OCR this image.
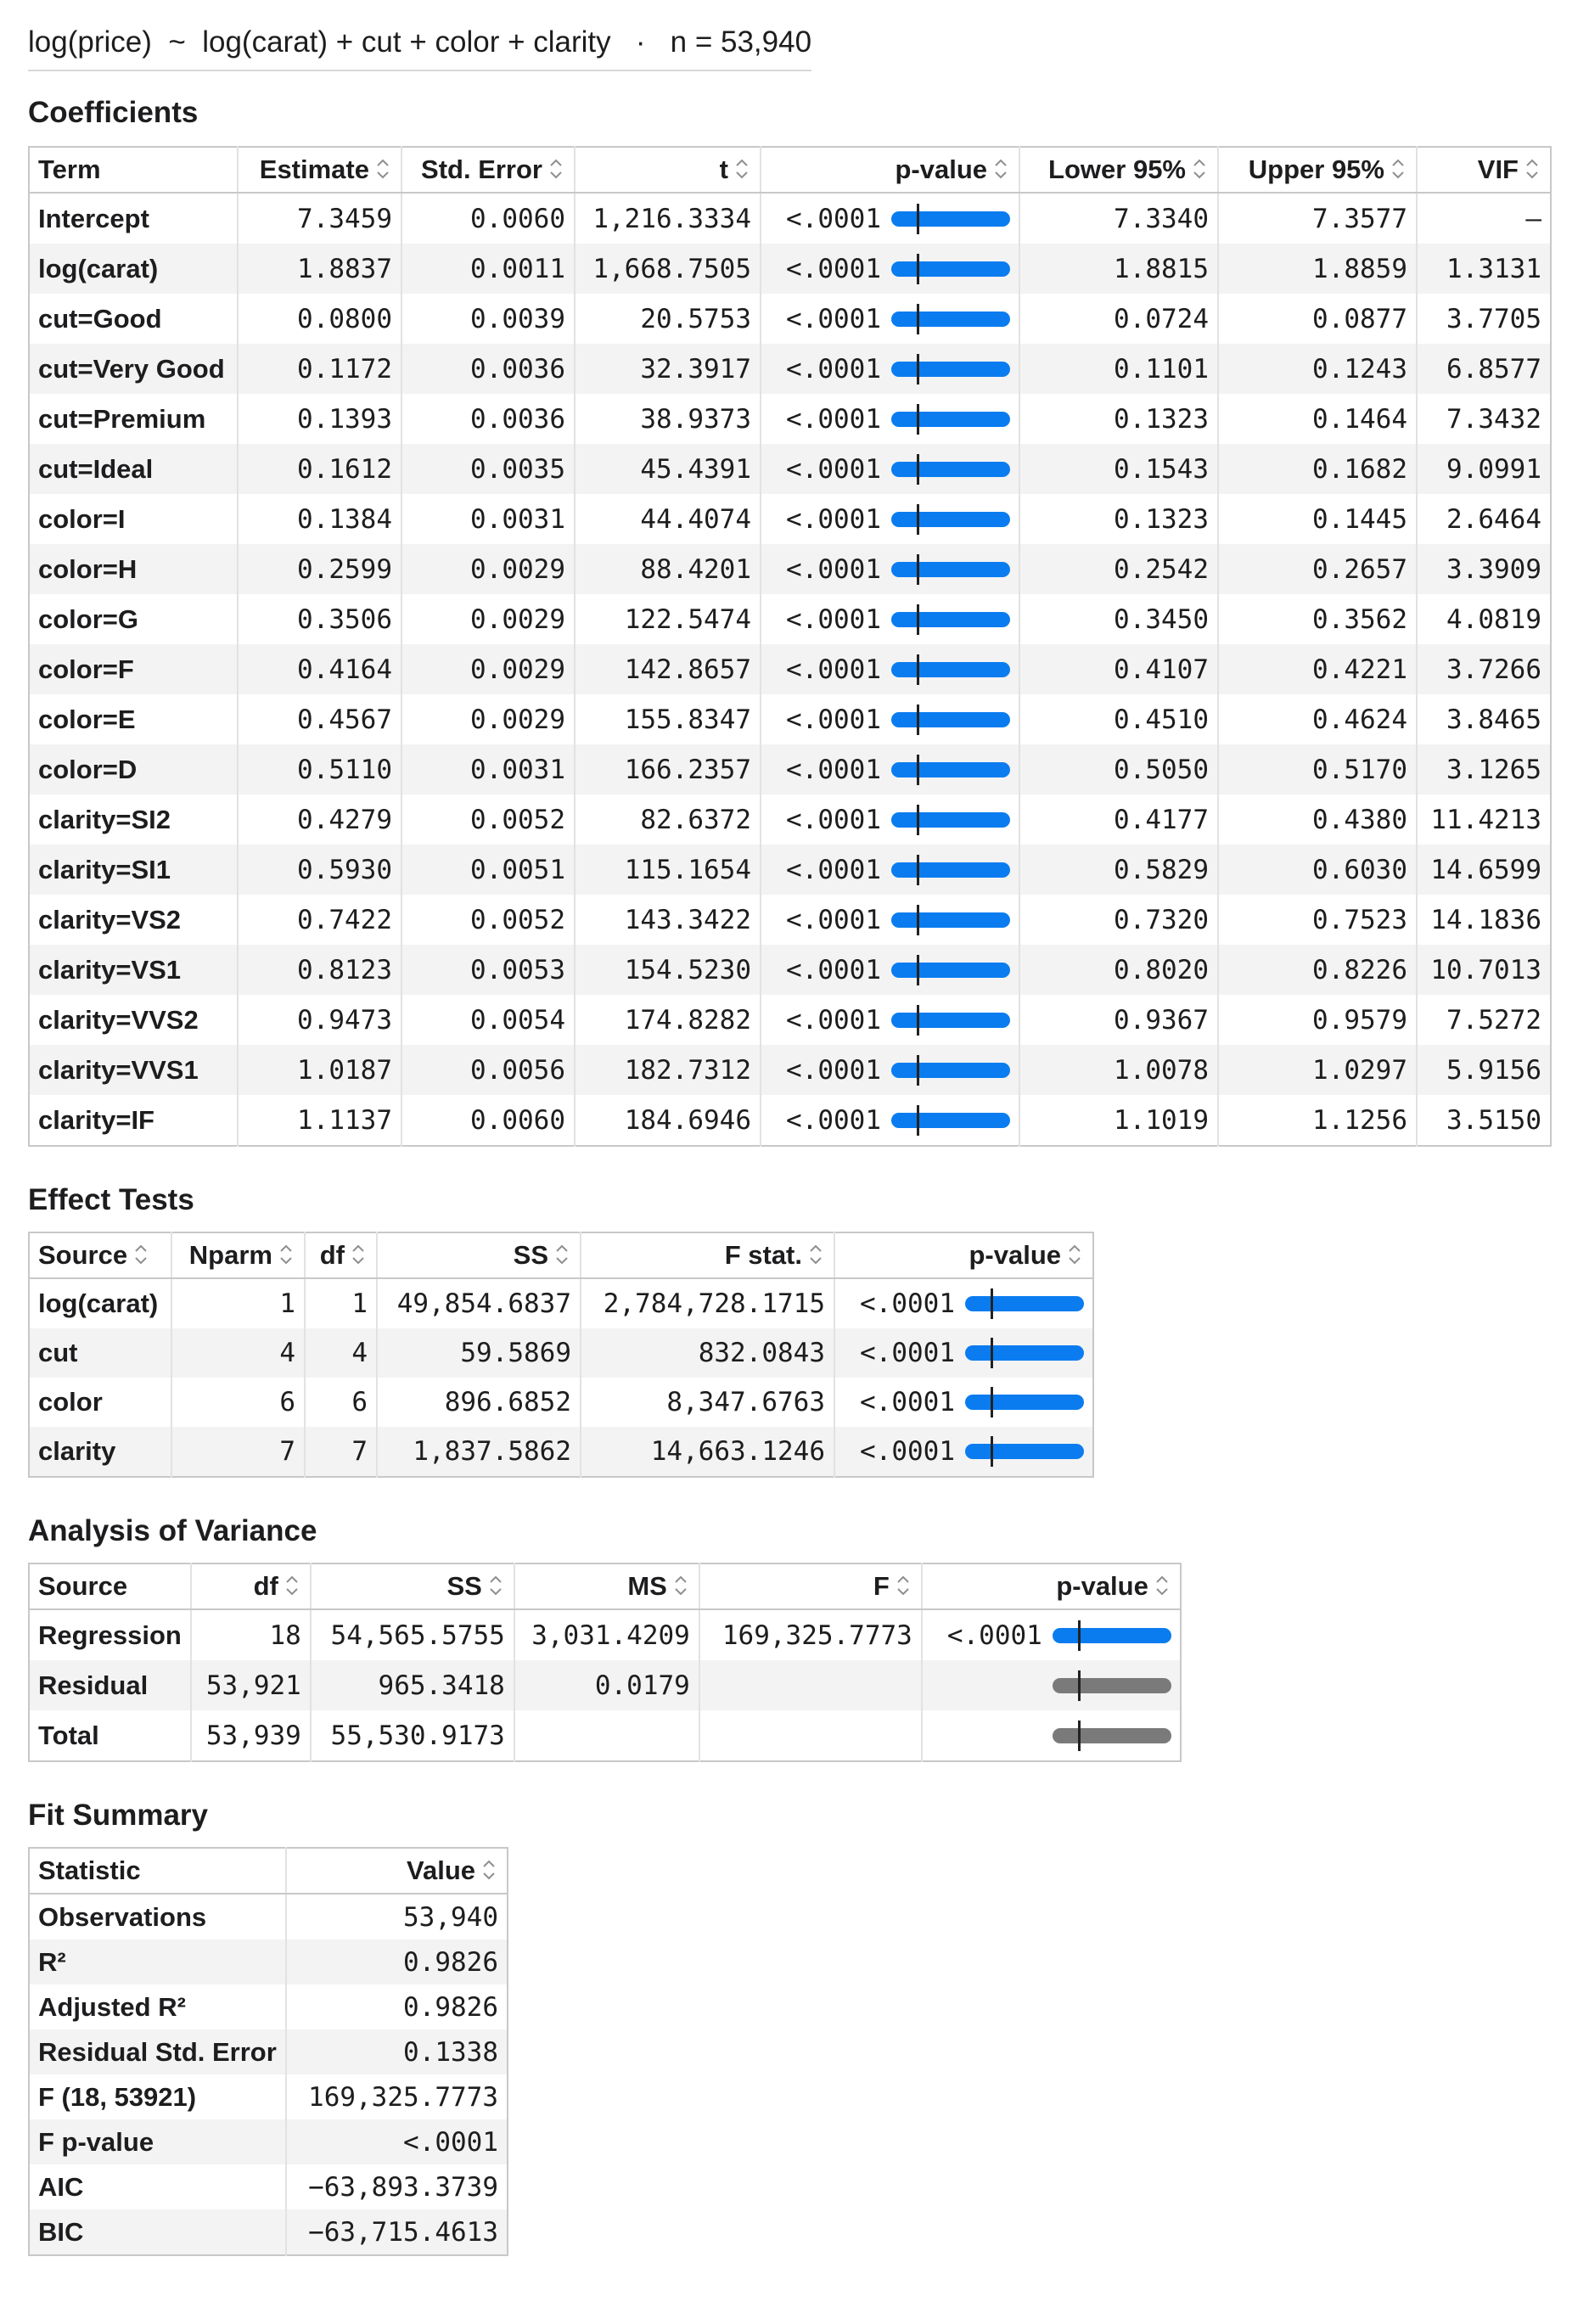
log(price)  ~  log(carat) + cut + color + clarity   ·   n = 53,940
Coefficients
Term	Estimate	Std. Error	t	p-value	Lower 95%	Upper 95%	VIF
Intercept	7.3459	0.0060	1,216.3334	<.0001	7.3340	7.3577	–
log(carat)	1.8837	0.0011	1,668.7505	<.0001	1.8815	1.8859	1.3131
cut=Good	0.0800	0.0039	20.5753	<.0001	0.0724	0.0877	3.7705
cut=Very Good	0.1172	0.0036	32.3917	<.0001	0.1101	0.1243	6.8577
cut=Premium	0.1393	0.0036	38.9373	<.0001	0.1323	0.1464	7.3432
cut=Ideal	0.1612	0.0035	45.4391	<.0001	0.1543	0.1682	9.0991
color=I	0.1384	0.0031	44.4074	<.0001	0.1323	0.1445	2.6464
color=H	0.2599	0.0029	88.4201	<.0001	0.2542	0.2657	3.3909
color=G	0.3506	0.0029	122.5474	<.0001	0.3450	0.3562	4.0819
color=F	0.4164	0.0029	142.8657	<.0001	0.4107	0.4221	3.7266
color=E	0.4567	0.0029	155.8347	<.0001	0.4510	0.4624	3.8465
color=D	0.5110	0.0031	166.2357	<.0001	0.5050	0.5170	3.1265
clarity=SI2	0.4279	0.0052	82.6372	<.0001	0.4177	0.4380	11.4213
clarity=SI1	0.5930	0.0051	115.1654	<.0001	0.5829	0.6030	14.6599
clarity=VS2	0.7422	0.0052	143.3422	<.0001	0.7320	0.7523	14.1836
clarity=VS1	0.8123	0.0053	154.5230	<.0001	0.8020	0.8226	10.7013
clarity=VVS2	0.9473	0.0054	174.8282	<.0001	0.9367	0.9579	7.5272
clarity=VVS1	1.0187	0.0056	182.7312	<.0001	1.0078	1.0297	5.9156
clarity=IF	1.1137	0.0060	184.6946	<.0001	1.1019	1.1256	3.5150
Effect Tests
Source	Nparm	df	SS	F stat.	p-value
log(carat)	1	1	49,854.6837	2,784,728.1715	<.0001

cut	4	4	59.5869	832.0843	<.0001

color	6	6	896.6852	8,347.6763	<.0001

clarity	7	7	1,837.5862	14,663.1246	<.0001
Analysis of Variance
Source	df	SS	MS	F	p-value
Regression	18	54,565.5755	3,031.4209	169,325.7773	<.0001

Residual	53,921	965.3418	0.0179		

Total	53,939	55,530.9173			
Fit Summary
Statistic	Value
Observations	53,940
R²	0.9826
Adjusted R²	0.9826
Residual Std. Error	0.1338
F (18, 53921)	169,325.7773
F p-value	<.0001
AIC	−63,893.3739
BIC	−63,715.4613
